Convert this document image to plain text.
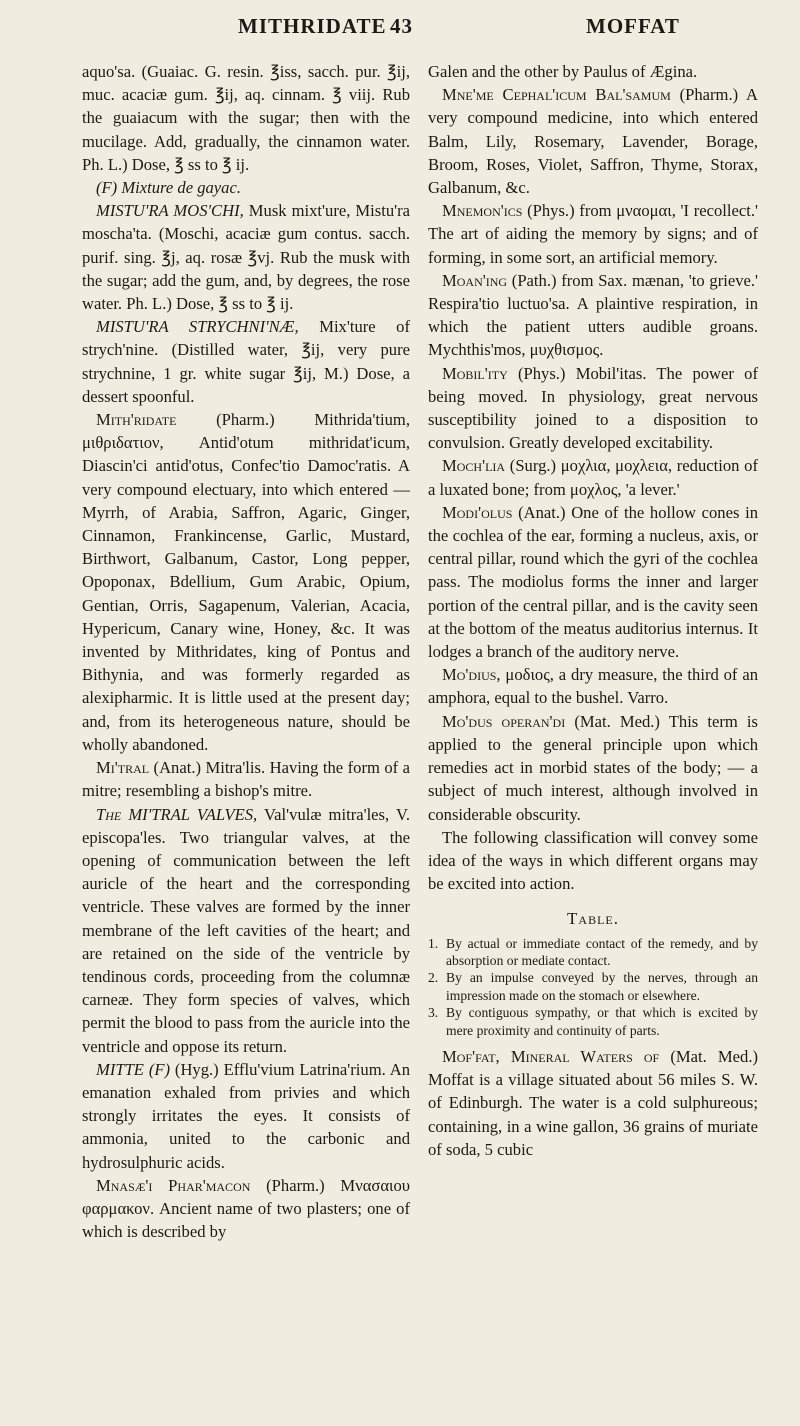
MITHRIDATE 43	MOFFAT

aquo'sa. (Guaiac. G. resin. ℥iss, sacch. pur. ℥ij, muc. acaciæ gum. ℥ij, aq. cinnam. ℥ viij. Rub the guaiacum with the sugar; then with the mucilage. Add, gradually, the cinnamon water. Ph. L.) Dose, ℥ ss to ℥ ij.

(F) Mixture de gayac.

MISTU'RA MOS'CHI, Musk mixt'ure, Mistu'ra moscha'ta. (Moschi, acaciæ gum contus. sacch. purif. sing. ℥j, aq. rosæ ℥vj. Rub the musk with the sugar; add the gum, and, by degrees, the rose water. Ph. L.) Dose, ℥ ss to ℥ ij.

MISTU'RA STRYCHNI'NÆ, Mix'ture of strych'nine. (Distilled water, ℥ij, very pure strychnine, 1 gr. white sugar ℥ij, M.) Dose, a dessert spoonful.

Mith'ridate (Pharm.) Mithrida'tium, μιθριδατιον, Antid'otum mithridat'icum, Diascin'ci antid'otus, Confec'tio Damoc'ratis. A very compound electuary, into which entered — Myrrh, of Arabia, Saffron, Agaric, Ginger, Cinnamon, Frankincense, Garlic, Mustard, Birthwort, Galbanum, Castor, Long pepper, Opoponax, Bdellium, Gum Arabic, Opium, Gentian, Orris, Sagapenum, Valerian, Acacia, Hypericum, Canary wine, Honey, &c. It was invented by Mithridates, king of Pontus and Bithynia, and was formerly regarded as alexipharmic. It is little used at the present day; and, from its heterogeneous nature, should be wholly abandoned.

Mi'tral (Anat.) Mitra'lis. Having the form of a mitre; resembling a bishop's mitre.

The MI'TRAL VALVES, Val'vulæ mitra'les, V. episcopa'les. Two triangular valves, at the opening of communication between the left auricle of the heart and the corresponding ventricle. These valves are formed by the inner membrane of the left cavities of the heart; and are retained on the side of the ventricle by tendinous cords, proceeding from the columnæ carneæ. They form species of valves, which permit the blood to pass from the auricle into the ventricle and oppose its return.

MITTE (F) (Hyg.) Efflu'vium Latrina'rium. An emanation exhaled from privies and which strongly irritates the eyes. It consists of ammonia, united to the carbonic and hydrosulphuric acids.

Mnasæ'i Phar'macon (Pharm.) Mνασαιου φαρμακον. Ancient name of two plasters; one of which is described by

Galen and the other by Paulus of Ægina.

Mne'me Cephal'icum Bal'samum (Pharm.) A very compound medicine, into which entered Balm, Lily, Rosemary, Lavender, Borage, Broom, Roses, Violet, Saffron, Thyme, Storax, Galbanum, &c.

Mnemon'ics (Phys.) from μναομαι, 'I recollect.' The art of aiding the memory by signs; and of forming, in some sort, an artificial memory.

Moan'ing (Path.) from Sax. mænan, 'to grieve.' Respira'tio luctuo'sa. A plaintive respiration, in which the patient utters audible groans. Mychthis'mos, μυχθισμος.

Mobil'ity (Phys.) Mobil'itas. The power of being moved. In physiology, great nervous susceptibility joined to a disposition to convulsion. Greatly developed excitability.

Moch'lia (Surg.) μοχλια, μοχλεια, reduction of a luxated bone; from μοχλος, 'a lever.'

Modi'olus (Anat.) One of the hollow cones in the cochlea of the ear, forming a nucleus, axis, or central pillar, round which the gyri of the cochlea pass. The modiolus forms the inner and larger portion of the central pillar, and is the cavity seen at the bottom of the meatus auditorius internus. It lodges a branch of the auditory nerve.

Mo'dius, μοδιος, a dry measure, the third of an amphora, equal to the bushel. Varro.

Mo'dus operan'di (Mat. Med.) This term is applied to the general principle upon which remedies act in morbid states of the body; — a subject of much interest, although involved in considerable obscurity.

The following classification will convey some idea of the ways in which different organs may be excited into action.

Table.
1. By actual or immediate contact of the remedy, and by absorption or mediate contact.
2. By an impulse conveyed by the nerves, through an impression made on the stomach or elsewhere.
3. By contiguous sympathy, or that which is excited by mere proximity and continuity of parts.

Mof'fat, Mineral Waters of (Mat. Med.) Moffat is a village situated about 56 miles S. W. of Edinburgh. The water is a cold sulphureous; containing, in a wine gallon, 36 grains of muriate of soda, 5 cubic
